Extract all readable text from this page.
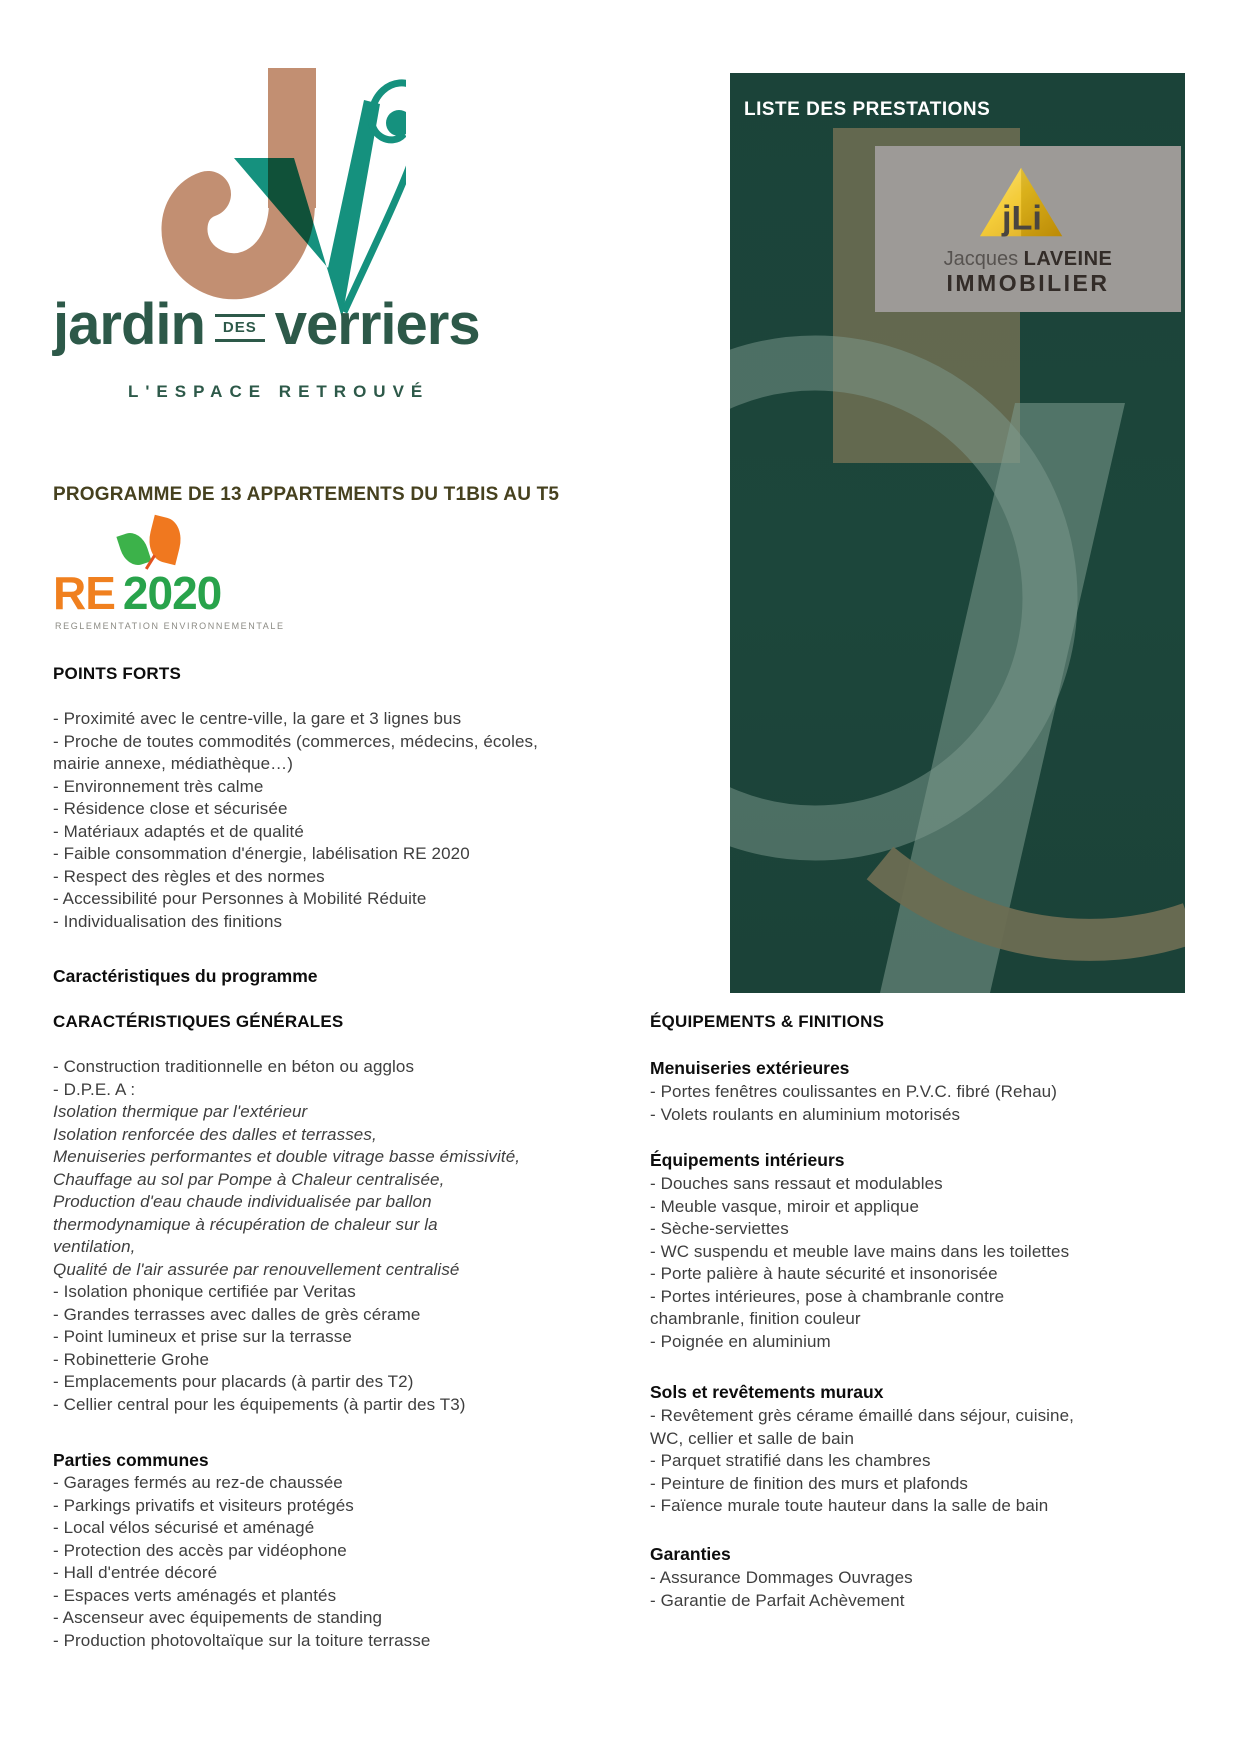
jardin	DES verriers
L'ESPACE RETROUVÉ
PROGRAMME DE 13 APPARTEMENTS DU T1BIS AU T5
RE 2020
REGLEMENTATION ENVIRONNEMENTALE
POINTS FORTS
- Proximité avec le centre-ville, la gare et 3 lignes bus
- Proche de toutes commodités (commerces, médecins, écoles,
mairie annexe, médiathèque…)
- Environnement très calme
- Résidence close et sécurisée
- Matériaux adaptés et de qualité
- Faible consommation d'énergie, labélisation RE 2020
- Respect des règles et des normes
- Accessibilité pour Personnes à Mobilité Réduite
- Individualisation des finitions
Caractéristiques du programme
CARACTÉRISTIQUES GÉNÉRALES
- Construction traditionnelle en béton ou agglos
- D.P.E. A :
Isolation thermique par l'extérieur
Isolation renforcée des dalles et terrasses,
Menuiseries performantes et double vitrage basse émissivité,
Chauffage au sol par Pompe à Chaleur centralisée,
Production d'eau chaude individualisée par ballon
thermodynamique à récupération de chaleur sur la
ventilation,
Qualité de l'air assurée par renouvellement centralisé
- Isolation phonique certifiée par Veritas
- Grandes terrasses avec dalles de grès cérame
- Point lumineux et prise sur la terrasse
- Robinetterie Grohe
- Emplacements pour placards (à partir des T2)
- Cellier central pour les équipements (à partir des T3)
Parties communes
- Garages fermés au rez-de chaussée
- Parkings privatifs et visiteurs protégés
- Local vélos sécurisé et aménagé
- Protection des accès par vidéophone
- Hall d'entrée décoré
- Espaces verts aménagés et plantés
- Ascenseur avec équipements de standing
- Production photovoltaïque sur la toiture terrasse
ÉQUIPEMENTS & FINITIONS
Menuiseries extérieures
- Portes fenêtres coulissantes en P.V.C. fibré (Rehau)
- Volets roulants en aluminium motorisés
Équipements intérieurs
- Douches sans ressaut et modulables
- Meuble vasque, miroir et applique
- Sèche-serviettes
- WC suspendu et meuble lave mains dans les toilettes
- Porte palière à haute sécurité et insonorisée
- Portes intérieures, pose à chambranle contre
chambranle, finition couleur
- Poignée en aluminium
Sols et revêtements muraux
- Revêtement grès cérame émaillé dans séjour, cuisine,
WC, cellier et salle de bain
- Parquet stratifié dans les chambres
- Peinture de finition des murs et plafonds
- Faïence murale toute hauteur dans la salle de bain
Garanties
- Assurance Dommages Ouvrages
- Garantie de Parfait Achèvement
LISTE DES PRESTATIONS
jLi
Jacques LAVEINE
IMMOBILIER
